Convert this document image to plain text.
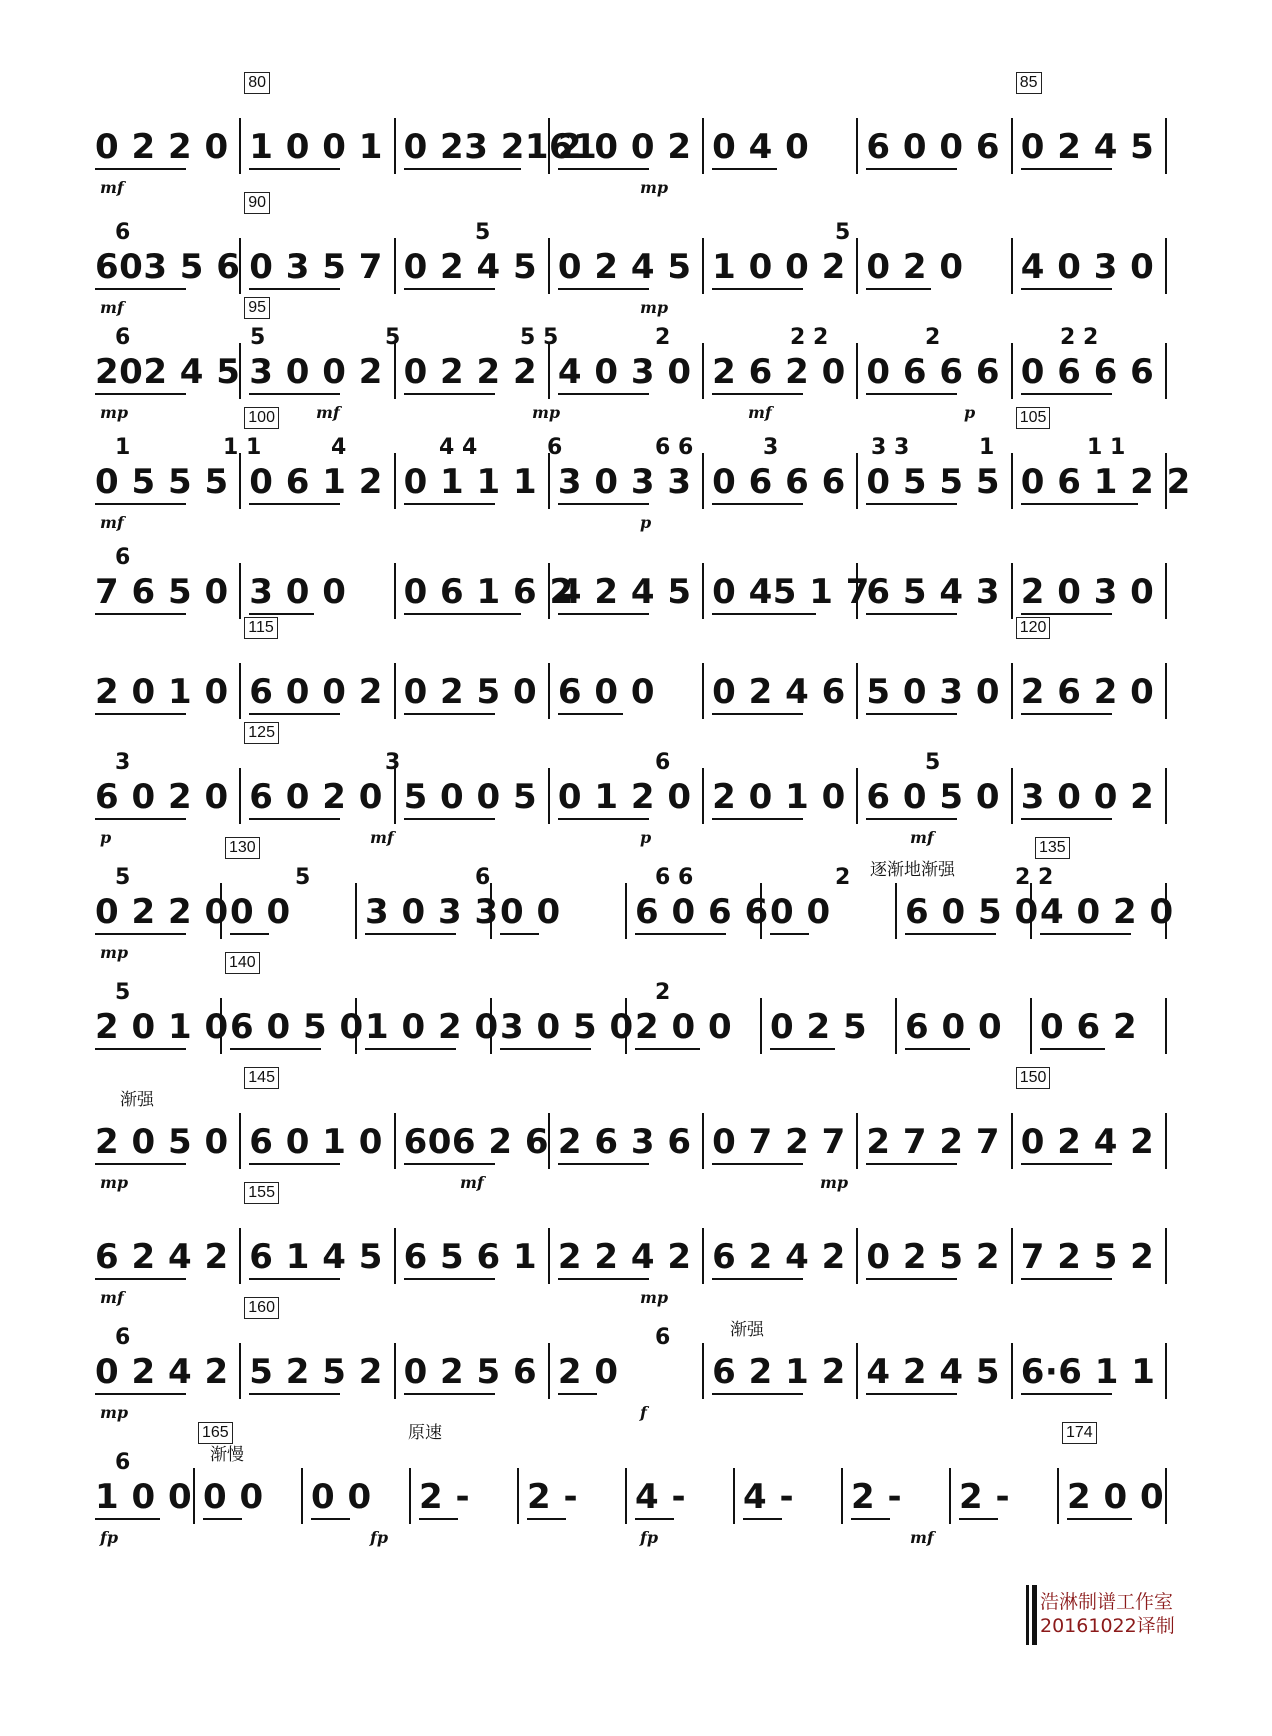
0 2 2 0 1 0 0 1 0 23 2161
2 0 0 2 0 4 0 6 0 0 6 0 2 4 5
80	85
mf	mp
603 5 6 0 3 5 7 0 2 4 5 0 2 4 5 1 0 0 2 0 2 0 4 0 3 0
6	5	5
90
mf	mp
202 4 5 3 0 0 2 0 2 2 2 4 0 3 0 2 6 2 0 0 6 6 6 0 6 6 6
6	5	5	5 5	2	2 2	2	2 2
95
mp	mf	mp	mf	p
0 5 5 5 0 6 1 2 0 1 1 1 3 0 3 3 0 6 6 6 0 5 5 5 0 6 1 2 2
1	1 1	4	4 4	6	6 6	3	3 3	1	1 1
100	105
mf	p
7 6 5 0 3 0 0 0 6 1 6 2
4 2 4 5 0 45 1 7
6 5 4 3 2 0 3 0
6
2 0 1 0 6 0 0 2 0 2 5 0 6 0 0 0 2 4 6 5 0 3 0 2 6 2 0
115	120
6 0 2 0 6 0 2 0 5 0 0 5 0 1 2 0 2 0 1 0 6 0 5 0 3 0 0 2
3	3	6	5
125
p	mf	p	mf
0 2 2 0 0 0 3 0 3 3 0 0 6 0 6 6 0 0 6 0 5 0 4 0 2 0
5	5	6	6 6	2	2 2
130	135
mp
逐渐地渐强
2 0 1 0 6 0 5 0 1 0 2 0 3 0 5 0 2 0 0 0 2 5 6 0 0 0 6 2
5	2
140
2 0 5 0 6 0 1 0 606 2 6 2 6 3 6 0 7 2 7 2 7 2 7 0 2 4 2
145	150
mp	mf	mp
渐强
6 2 4 2 6 1 4 5 6 5 6 1 2 2 4 2 6 2 4 2 0 2 5 2 7 2 5 2
155
mf	mp
0 2 4 2 5 2 5 2 0 2 5 6 2 0	6 2 1 2 4 2 4 5 6·6 1 1
6	6
160
mp	f
渐强
1 0 0 0 0 0 0 2 - 2 - 4 - 4 - 2 - 2 - 2 0 0
6
165	174
fp	fp	fp	mf
渐慢
原速
浩淋制谱工作室
20161022译制
